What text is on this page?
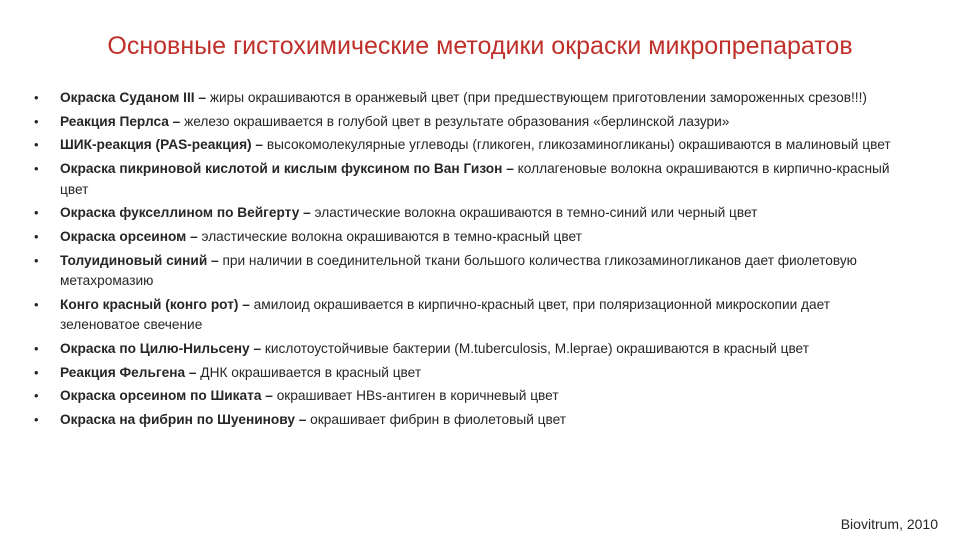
Основные гистохимические методики окраски микропрепаратов
• Окраска Суданом III – жиры окрашиваются в оранжевый цвет (при предшествующем приготовлении замороженных срезов!!!)
• Реакция Перлса – железо окрашивается в голубой цвет в результате образования «берлинской лазури»
• ШИК-реакция (PAS-реакция) – высокомолекулярные углеводы (гликоген, гликозаминогликаны) окрашиваются в малиновый цвет
• Окраска пикриновой кислотой и кислым фуксином по Ван Гизон – коллагеновые волокна окрашиваются в кирпично-красный цвет
• Окраска фукселлином по Вейгерту – эластические волокна окрашиваются в темно-синий или черный цвет
• Окраска орсеином – эластические волокна окрашиваются в темно-красный цвет
• Толуидиновый синий – при наличии в соединительной ткани большого количества гликозаминогликанов дает фиолетовую метахромазию
• Конго красный (конго рот) – амилоид окрашивается в кирпично-красный цвет, при поляризационной микроскопии дает зеленоватое свечение
• Окраска по Цилю-Нильсену – кислотоустойчивые бактерии (M.tuberculosis, M.leprae) окрашиваются в красный цвет
• Реакция Фельгена – ДНК окрашивается в красный цвет
• Окраска орсеином по Шиката – окрашивает HBs-антиген в коричневый цвет
• Окраска на фибрин по Шуенинову – окрашивает фибрин в фиолетовый цвет
Biovitrum, 2010
